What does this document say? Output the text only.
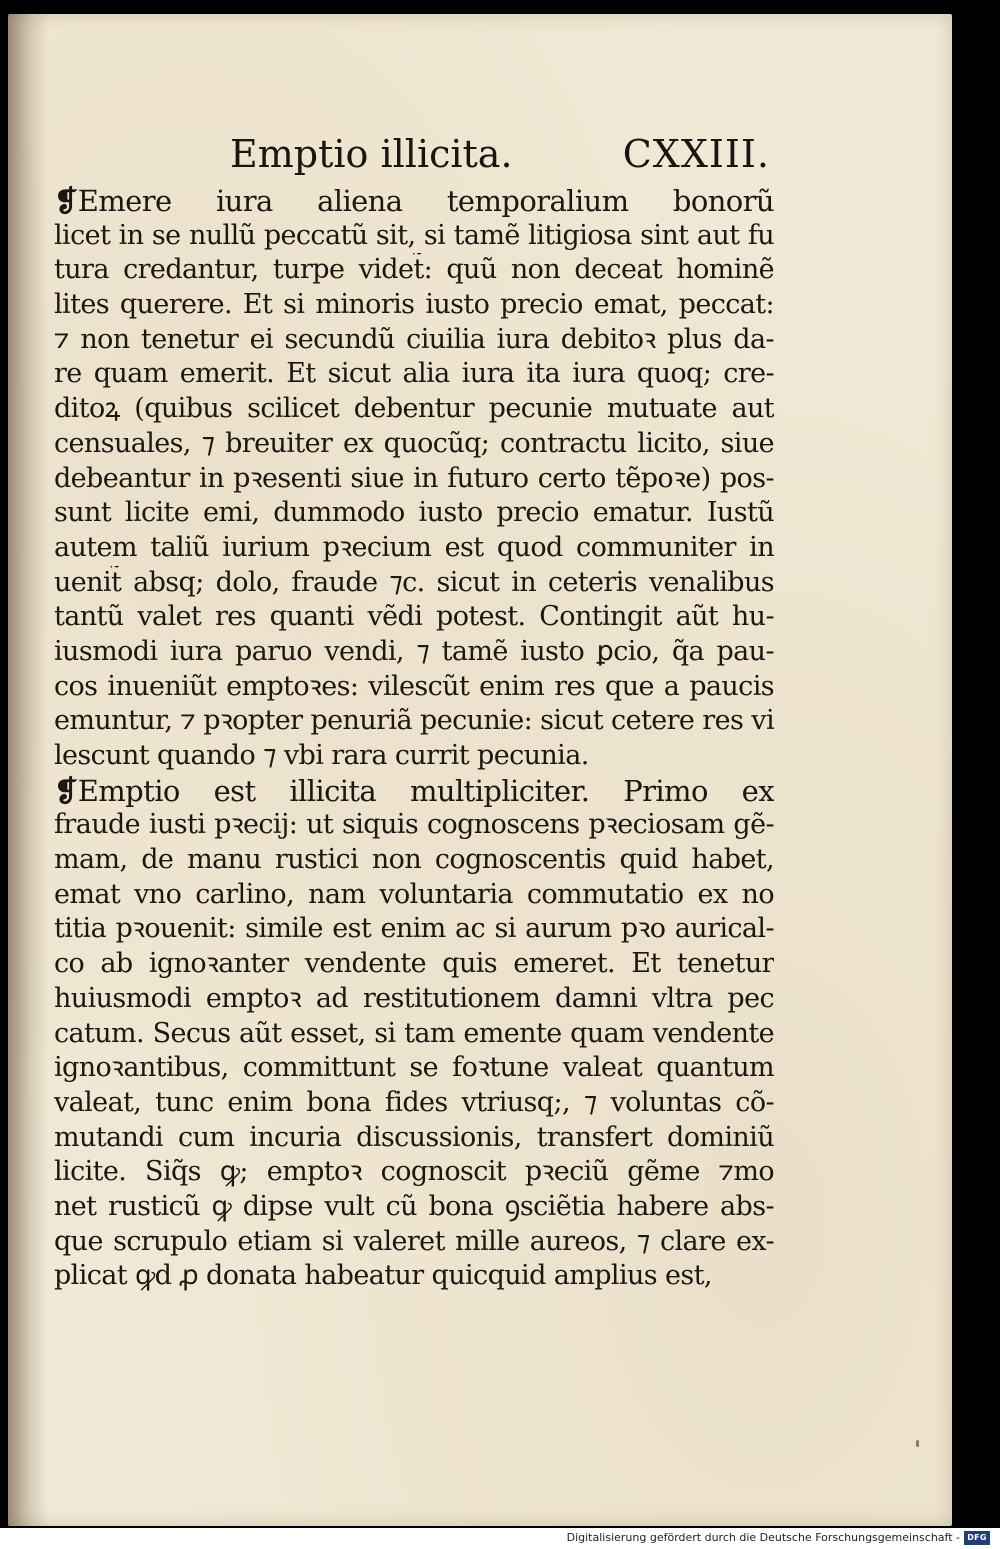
Emptio illicita.	CXXIII.
❡Emere iura aliena temporalium bonorũ
licet in se nullũ peccatũ sit, si tamẽ litigiosa sint aut fu
tura credantur, turpe videt̃: quũ non deceat hominẽ
lites querere. Et si minoris iusto precio emat, peccat:
⁊ non tenetur ei secundũ ciuilia iura debitoꝛ plus da-
re quam emerit. Et sicut alia iura ita iura quoq; cre-
ditoꝝ (quibus scilicet debentur pecunie mutuate aut
censuales, ⁊ breuiter ex quocũq; contractu licito, siue
debeantur in pꝛesenti siue in futuro certo tẽpoꝛe) pos-
sunt licite emi, dummodo iusto precio ematur. Iustũ
autem taliũ iurium pꝛecium est quod communiter in
uenit̃ absq; dolo, fraude ⁊c. sicut in ceteris venalibus
tantũ valet res quanti vẽdi potest. Contingit aũt hu-
iusmodi iura paruo vendi, ⁊ tamẽ iusto ꝑcio, q̃a pau-
cos inueniũt emptoꝛes: vilescũt enim res que a paucis
emuntur, ⁊ pꝛopter penuriã pecunie: sicut cetere res vi
lescunt quando ⁊ vbi rara currit pecunia.
❡Emptio est illicita multipliciter. Primo ex
fraude iusti pꝛecij: ut siquis cognoscens pꝛeciosam gẽ-
mam, de manu rustici non cognoscentis quid habet,
emat vno carlino, nam voluntaria commutatio ex no
titia pꝛouenit: simile est enim ac si aurum pꝛo aurical-
co ab ignoꝛanter vendente quis emeret. Et tenetur
huiusmodi emptoꝛ ad restitutionem damni vltra pec
catum. Secus aũt esset, si tam emente quam vendente
ignoꝛantibus, committunt se foꝛtune valeat quantum
valeat, tunc enim bona fides vtriusq;, ⁊ voluntas cõ-
mutandi cum incuria discussionis, transfert dominiũ
licite. Siq̃s ꝙ; emptoꝛ cognoscit pꝛeciũ gẽme ⁊mo
net rusticũ ꝙ dipse vult cũ bona ꝯsciẽtia habere abs-
que scrupulo etiam si valeret mille aureos, ⁊ clare ex-
plicat ꝙd ꝓ donata habeatur quicquid amplius est,
Digitalisierung gefördert durch die Deutsche Forschungsgemeinschaft - DFG
